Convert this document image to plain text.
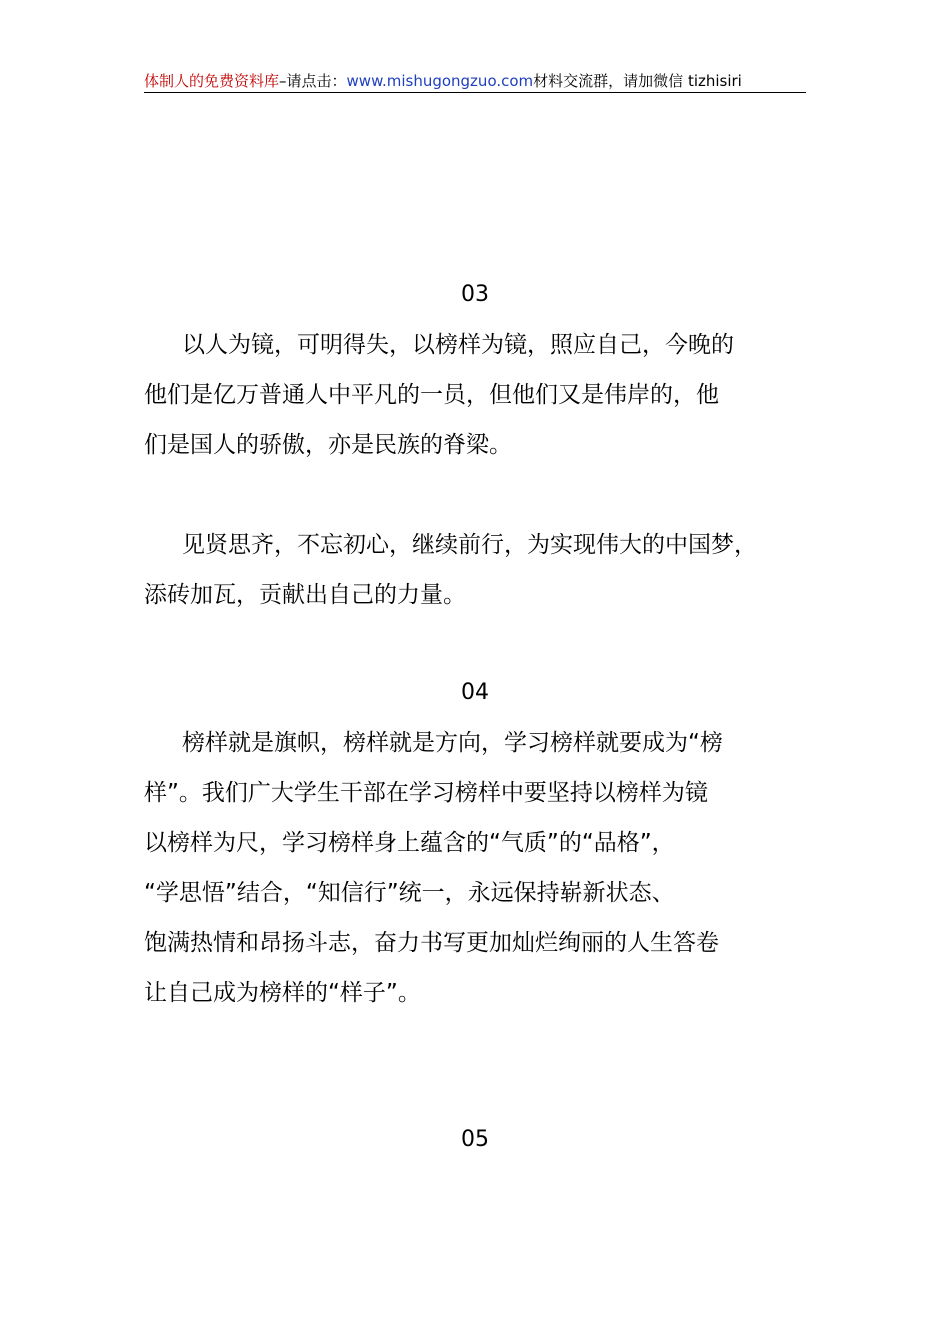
体制人的免费资料库–请点击：www.mishugongzuo.com材料交流群，请加微信 tizhisiri
03
以人为镜，可明得失，以榜样为镜，照应自己，今晚的
他们是亿万普通人中平凡的一员，但他们又是伟岸的，他
们是国人的骄傲，亦是民族的脊梁。
见贤思齐，不忘初心，继续前行，为实现伟大的中国梦，
添砖加瓦，贡献出自己的力量。
04
榜样就是旗帜，榜样就是方向，学习榜样就要成为“榜
样”。我们广大学生干部在学习榜样中要坚持以榜样为镜
以榜样为尺，学习榜样身上蕴含的“气质”的“品格”，
“学思悟”结合，“知信行”统一，永远保持崭新状态、
饱满热情和昂扬斗志，奋力书写更加灿烂绚丽的人生答卷
让自己成为榜样的“样子”。
05
